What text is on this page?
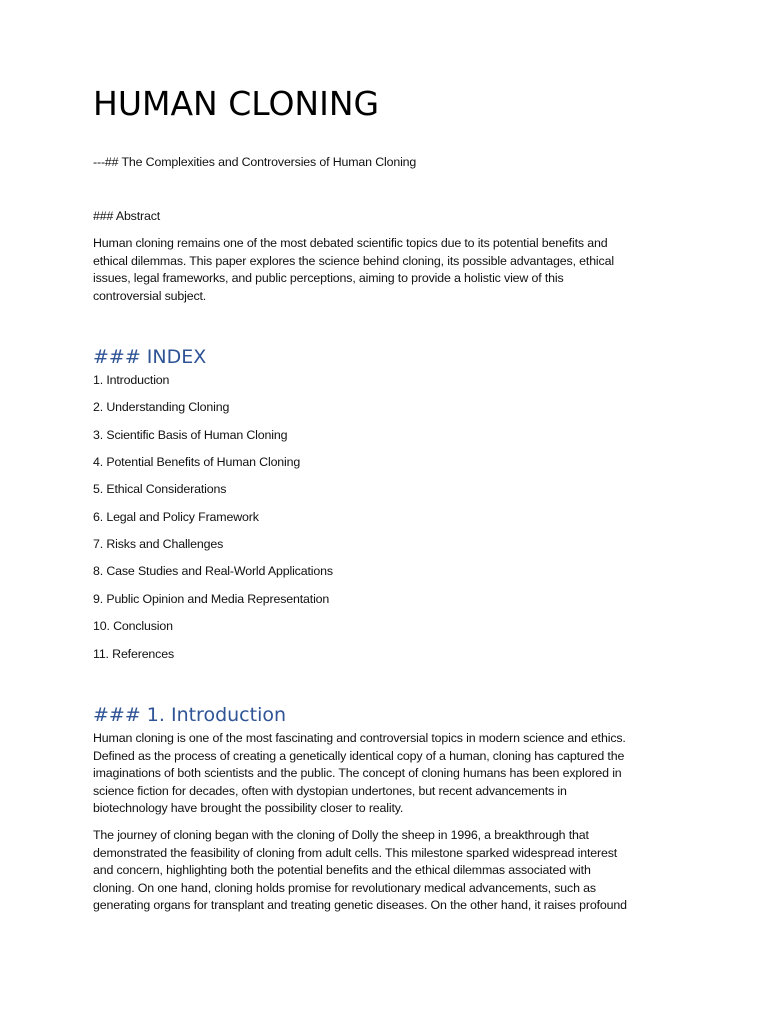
HUMAN CLONING
---## The Complexities and Controversies of Human Cloning
### Abstract
Human cloning remains one of the most debated scientific topics due to its potential benefits and
ethical dilemmas. This paper explores the science behind cloning, its possible advantages, ethical
issues, legal frameworks, and public perceptions, aiming to provide a holistic view of this
controversial subject.
### INDEX
1. Introduction
2. Understanding Cloning
3. Scientific Basis of Human Cloning
4. Potential Benefits of Human Cloning
5. Ethical Considerations
6. Legal and Policy Framework
7. Risks and Challenges
8. Case Studies and Real-World Applications
9. Public Opinion and Media Representation
10. Conclusion
11. References
### 1. Introduction
Human cloning is one of the most fascinating and controversial topics in modern science and ethics.
Defined as the process of creating a genetically identical copy of a human, cloning has captured the
imaginations of both scientists and the public. The concept of cloning humans has been explored in
science fiction for decades, often with dystopian undertones, but recent advancements in
biotechnology have brought the possibility closer to reality.
The journey of cloning began with the cloning of Dolly the sheep in 1996, a breakthrough that
demonstrated the feasibility of cloning from adult cells. This milestone sparked widespread interest
and concern, highlighting both the potential benefits and the ethical dilemmas associated with
cloning. On one hand, cloning holds promise for revolutionary medical advancements, such as
generating organs for transplant and treating genetic diseases. On the other hand, it raises profound
